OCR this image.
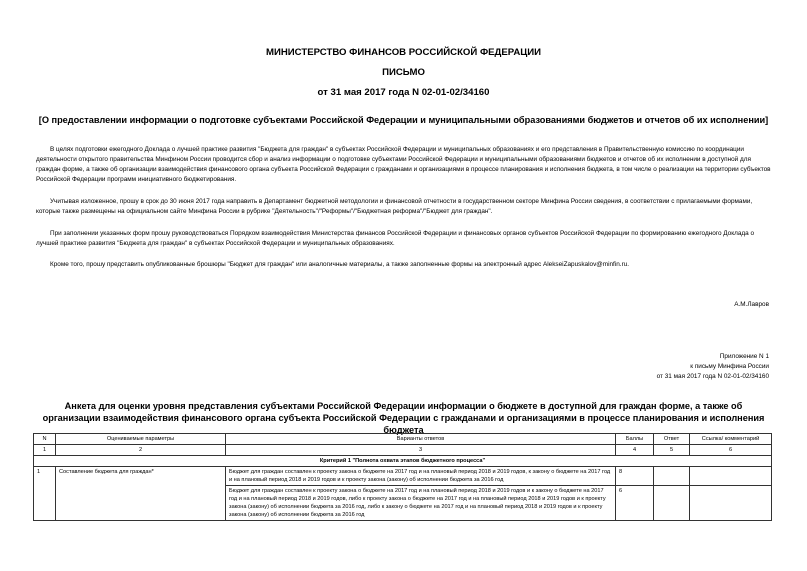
МИНИСТЕРСТВО ФИНАНСОВ РОССИЙСКОЙ ФЕДЕРАЦИИ
ПИСЬМО
от 31 мая 2017 года N 02-01-02/34160
[О предоставлении информации о подготовке субъектами Российской Федерации и муниципальными образованиями бюджетов и отчетов об их исполнении]
В целях подготовки ежегодного Доклада о лучшей практике развития "Бюджета для граждан" в субъектах Российской Федерации и муниципальных образованиях и его представления в Правительственную комиссию по координации деятельности открытого правительства Минфином России проводится сбор и анализ информации о подготовке субъектами Российской Федерации и муниципальными образованиями бюджетов и отчетов об их исполнении в доступной для граждан форме, а также об организации взаимодействия финансового органа субъекта Российской Федерации с гражданами и организациями в процессе планирования и исполнения бюджета, в том числе о реализации на территории субъектов Российской Федерации программ инициативного бюджетирования.
Учитывая изложенное, прошу в срок до 30 июня 2017 года направить в Департамент бюджетной методологии и финансовой отчетности в государственном секторе Минфина России сведения, в соответствии с прилагаемыми формами, которые также размещены на официальном сайте Минфина России в рубрике "Деятельность"/"Реформы"/"Бюджетная реформа"/"Бюджет для граждан".
При заполнении указанных форм прошу руководствоваться Порядком взаимодействия Министерства финансов Российской Федерации и финансовых органов субъектов Российской Федерации по формированию ежегодного Доклада о лучшей практике развития "Бюджета для граждан" в субъектах Российской Федерации и муниципальных образованиях.
Кроме того, прошу представить опубликованные брошюры "Бюджет для граждан" или аналогичные материалы, а также заполненные формы на электронный адрес AlekseiZapuskalov@minfin.ru.
А.М.Лавров
Приложение N 1
к письму Минфина России
от 31 мая 2017 года N 02-01-02/34160
Анкета для оценки уровня представления субъектами Российской Федерации информации о бюджете в доступной для граждан форме, а также об организации взаимодействия финансового органа субъекта Российской Федерации с гражданами и организациями в процессе планирования и исполнения бюджета
N	Оцениваемые параметры	Варианты ответов	Баллы	Ответ	Ссылка/ комментарий
1	2	3	4	5	6
Критерий 1 "Полнота охвата этапов бюджетного процесса"					
1	Составление бюджета для граждан*	Бюджет для граждан составлен к проекту закона о бюджете на 2017 год и на плановый период 2018 и 2019 годов, к закону о бюджете на 2017 год и на плановый период 2018 и 2019 годов и к проекту закона (закону) об исполнении бюджета за 2016 год	8		
		Бюджет для граждан составлен к проекту закона о бюджете на 2017 год и на плановый период 2018 и 2019 годов и к закону о бюджете на 2017 год и на плановый период 2018 и 2019 годов, либо к проекту закона о бюджете на 2017 год и на плановый период 2018 и 2019 годов и к проекту закона (закону) об исполнении бюджета за 2016 год, либо к закону о бюджете на 2017 год и на плановый период 2018 и 2019 годов и к проекту закона (закону) об исполнении бюджета за 2016 год	6		
